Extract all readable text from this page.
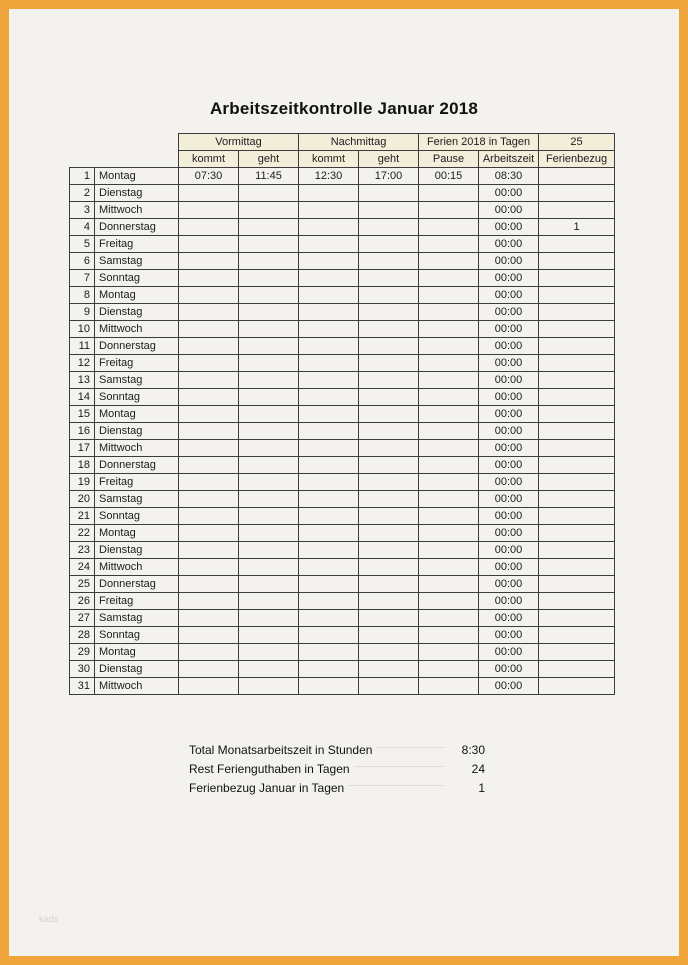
Arbeitszeitkontrolle Januar 2018
		Vormittag		Nachmittag		Ferien 2018 in Tagen		25
		kommt	geht	kommt	geht	Pause	Arbeitszeit	Ferienbezug
1	Montag	07:30	11:45	12:30	17:00	00:15	08:30	
2	Dienstag						00:00	
3	Mittwoch						00:00	
4	Donnerstag						00:00	1
5	Freitag						00:00	
6	Samstag						00:00	
7	Sonntag						00:00	
8	Montag						00:00	
9	Dienstag						00:00	
10	Mittwoch						00:00	
11	Donnerstag						00:00	
12	Freitag						00:00	
13	Samstag						00:00	
14	Sonntag						00:00	
15	Montag						00:00	
16	Dienstag						00:00	
17	Mittwoch						00:00	
18	Donnerstag						00:00	
19	Freitag						00:00	
20	Samstag						00:00	
21	Sonntag						00:00	
22	Montag						00:00	
23	Dienstag						00:00	
24	Mittwoch						00:00	
25	Donnerstag						00:00	
26	Freitag						00:00	
27	Samstag						00:00	
28	Sonntag						00:00	
29	Montag						00:00	
30	Dienstag						00:00	
31	Mittwoch						00:00	
Total Monatsarbeitszeit in Stunden	8:30
Rest Ferienguthaben in Tagen	24
Ferienbezug Januar in Tagen	1
kads
